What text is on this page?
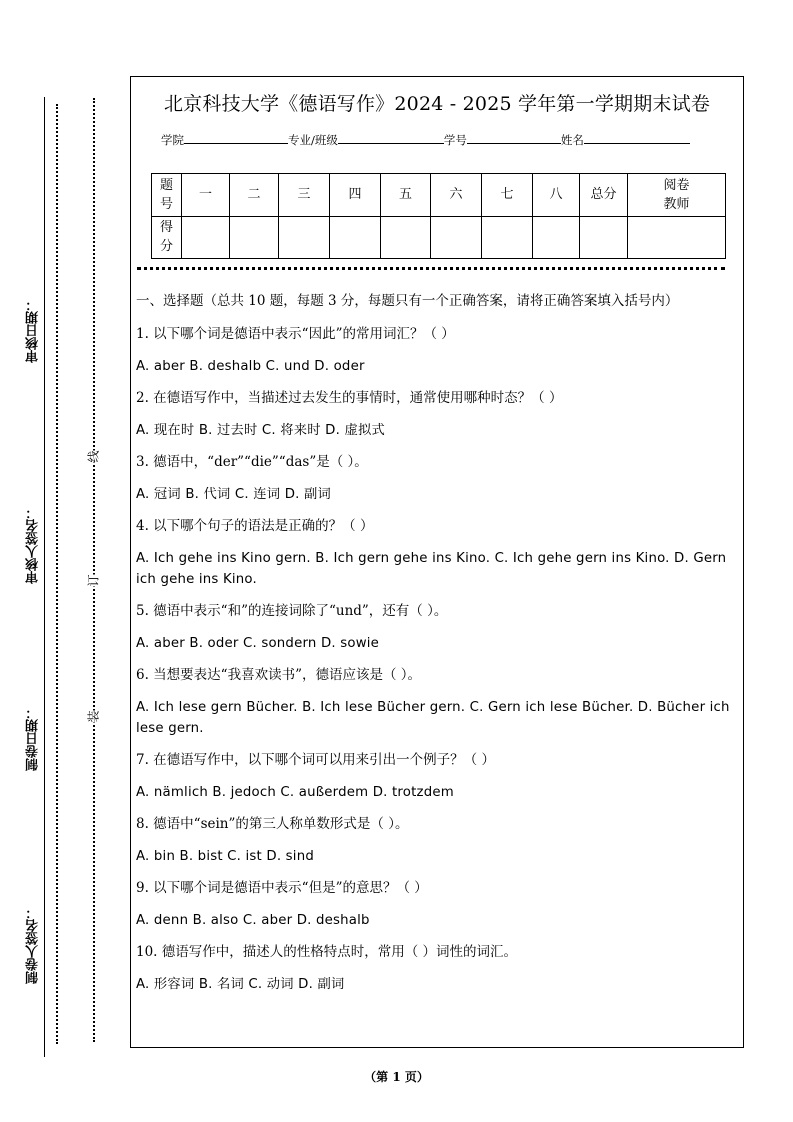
审核日期：
审核人签名：
制卷日期：
制卷人签名：
线
订
装
北京科技大学《德语写作》2024 - 2025 学年第一学期期末试卷
学院	专业/班级	学号	姓名
题号	一	二	三	四	五	六	七	八	总分	阅卷教师
得分										

一、选择题（总共 10 题，每题 3 分，每题只有一个正确答案，请将正确答案填入括号内）

1. 以下哪个词是德语中表示“因此”的常用词汇？（ ）

A. aber B. deshalb C. und D. oder

2. 在德语写作中，当描述过去发生的事情时，通常使用哪种时态？（ ）

A. 现在时 B. 过去时 C. 将来时 D. 虚拟式

3. 德语中，“der”“die”“das”是（ ）。

A. 冠词 B. 代词 C. 连词 D. 副词

4. 以下哪个句子的语法是正确的？（ ）

A. Ich gehe ins Kino gern. B. Ich gern gehe ins Kino. C. Ich gehe gern ins Kino. D. Gern ich gehe ins Kino.

5. 德语中表示“和”的连接词除了“und”，还有（ ）。

A. aber B. oder C. sondern D. sowie

6. 当想要表达“我喜欢读书”，德语应该是（ ）。

A. Ich lese gern Bücher. B. Ich lese Bücher gern. C. Gern ich lese Bücher. D. Bücher ich lese gern.

7. 在德语写作中，以下哪个词可以用来引出一个例子？（ ）

A. nämlich B. jedoch C. außerdem D. trotzdem

8. 德语中“sein”的第三人称单数形式是（ ）。

A. bin B. bist C. ist D. sind

9. 以下哪个词是德语中表示“但是”的意思？（ ）

A. denn B. also C. aber D. deshalb

10. 德语写作中，描述人的性格特点时，常用（ ）词性的词汇。

A. 形容词 B. 名词 C. 动词 D. 副词

（第 1 页）
